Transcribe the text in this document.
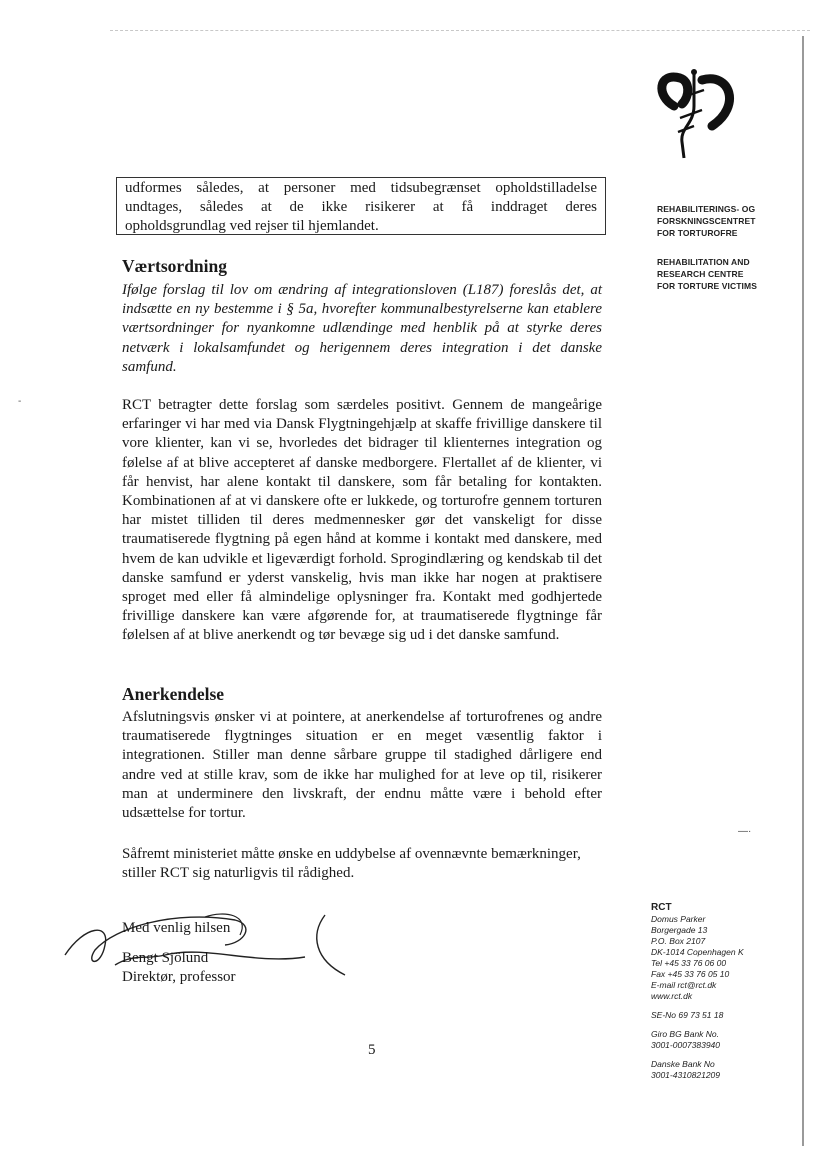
REHABILITERINGS- OG
FORSKNINGSCENTRET
FOR TORTUROFRE
REHABILITATION AND
RESEARCH CENTRE
FOR TORTURE VICTIMS
udformes således, at personer med tidsubegrænset opholdstilladelse
undtages, således at de ikke risikerer at få inddraget deres
opholdsgrundlag ved rejser til hjemlandet.
Værtsordning

Ifølge forslag til lov om ændring af integrationsloven (L187) foreslås det, at indsætte en ny bestemme i § 5a, hvorefter kommunalbestyrelserne kan etablere værtsordninger for nyankomne udlændinge med henblik på at styrke deres netværk i lokalsamfundet og herigennem deres integration i det danske samfund.

RCT betragter dette forslag som særdeles positivt. Gennem de mangeårige erfaringer vi har med via Dansk Flygtningehjælp at skaffe frivillige danskere til vore klienter, kan vi se, hvorledes det bidrager til klienternes integration og følelse af at blive accepteret af danske medborgere. Flertallet af de klienter, vi får henvist, har alene kontakt til danskere, som får betaling for kontakten. Kombinationen af at vi danskere ofte er lukkede, og torturofre gennem torturen har mistet tilliden til deres medmennesker gør det vanskeligt for disse traumatiserede flygtning på egen hånd at komme i kontakt med danskere, med hvem de kan udvikle et ligeværdigt forhold. Sprogindlæring og kendskab til det danske samfund er yderst vanskelig, hvis man ikke har nogen at praktisere sproget med eller få almindelige oplysninger fra. Kontakt med godhjertede frivillige danskere kan være afgørende for, at traumatiserede flygtninge får følelsen af at blive anerkendt og tør bevæge sig ud i det danske samfund.

Anerkendelse

Afslutningsvis ønsker vi at pointere, at anerkendelse af torturofrenes og andre traumatiserede flygtninges situation er en meget væsentlig faktor i integrationen. Stiller man denne sårbare gruppe til stadighed dårligere end andre ved at stille krav, som de ikke har mulighed for at leve op til, risikerer man at underminere den livskraft, der endnu måtte være i behold efter udsættelse for tortur.

Såfremt ministeriet måtte ønske en uddybelse af ovennævnte bemærkninger, stiller RCT sig naturligvis til rådighed.

Med venlig hilsen
Bengt Sjölund
Direktør, professor
5
—·
-
RCT
Domus Parker
Borgergade 13
P.O. Box 2107
DK-1014 Copenhagen K
Tel +45 33 76 06 00
Fax +45 33 76 05 10
E-mail rct@rct.dk
www.rct.dk
SE-No 69 73 51 18
Giro BG Bank No.
3001-0007383940
Danske Bank No
3001-4310821209
